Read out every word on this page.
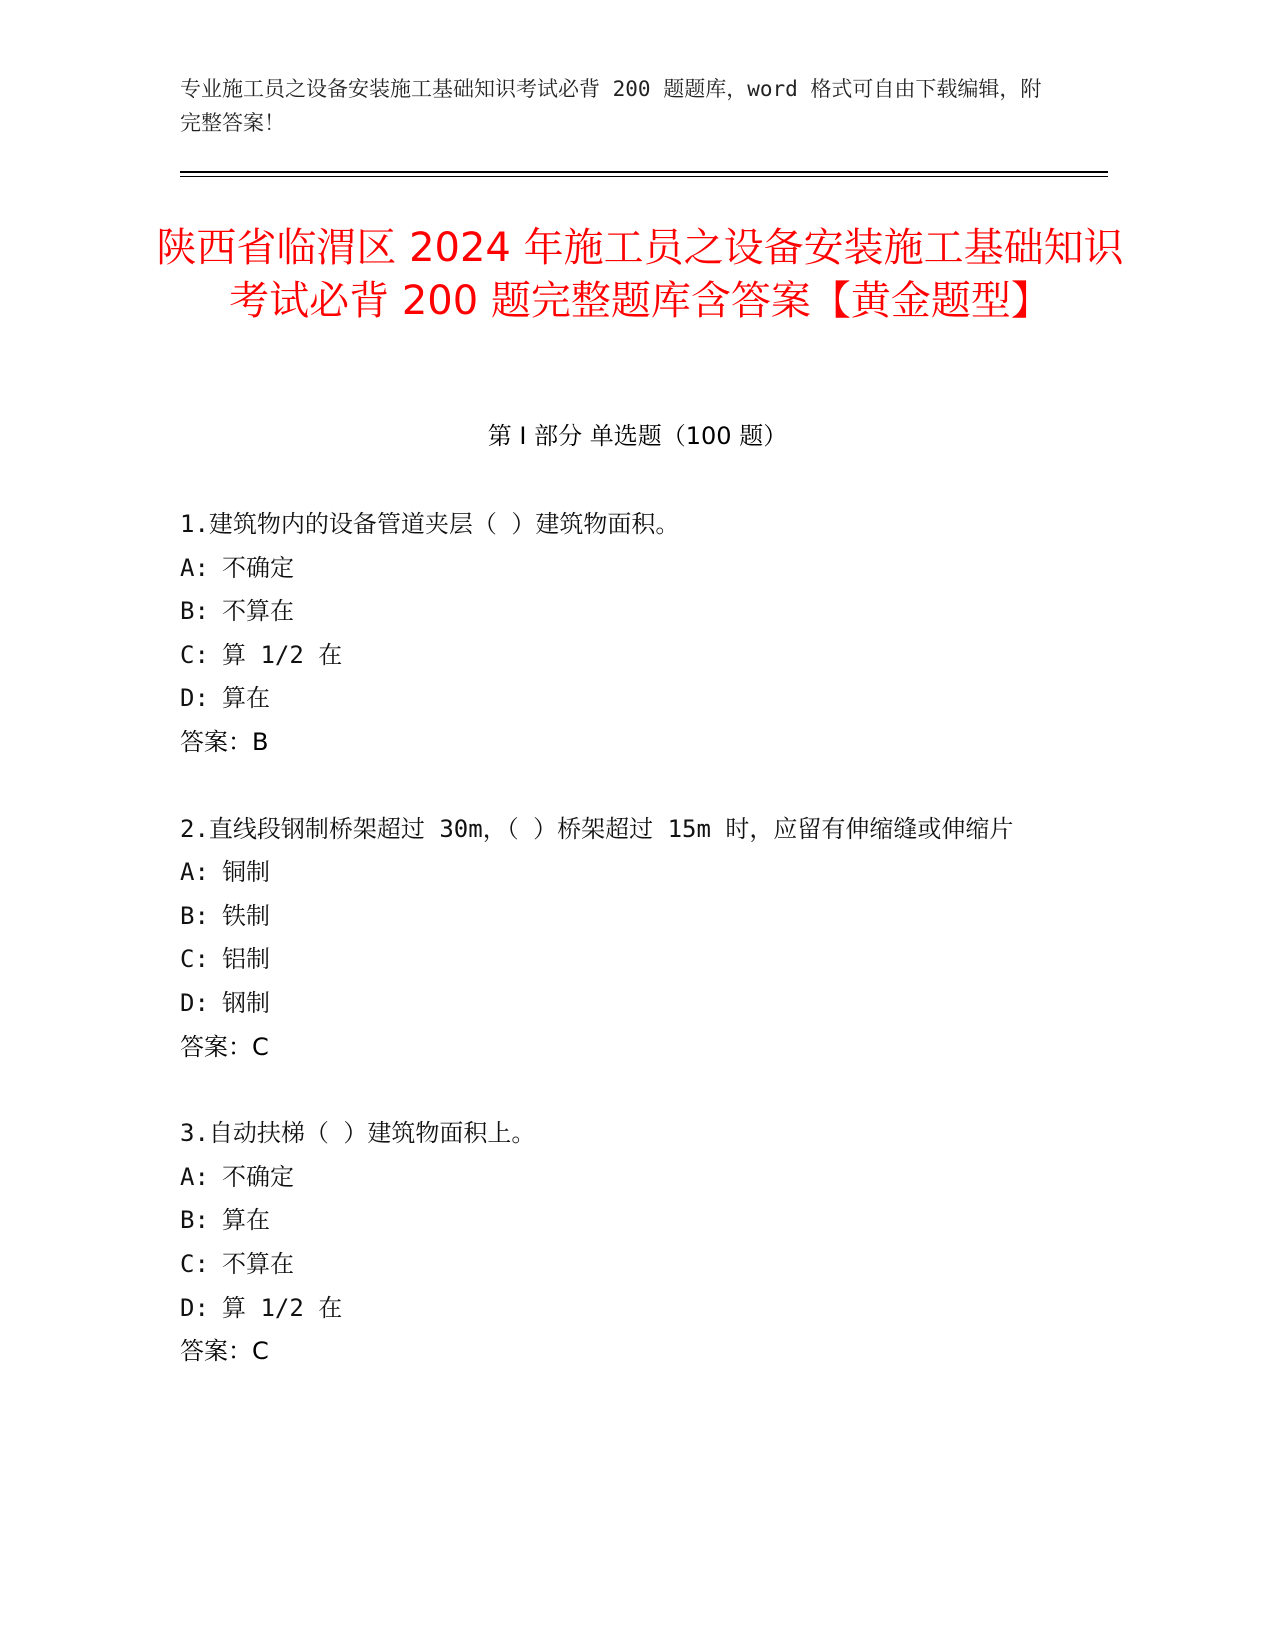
专业施工员之设备安装施工基础知识考试必背 200 题题库，word 格式可自由下载编辑，附完整答案！
陕西省临渭区 2024 年施工员之设备安装施工基础知识考试必背 200 题完整题库含答案【黄金题型】
第 I 部分 单选题（100 题）
1.建筑物内的设备管道夹层（ ）建筑物面积。
A: 不确定
B: 不算在
C: 算 1/2 在
D: 算在
答案：B
2.直线段钢制桥架超过 30m，（ ）桥架超过 15m 时，应留有伸缩缝或伸缩片
A: 铜制
B: 铁制
C: 铝制
D: 钢制
答案：C
3.自动扶梯（ ）建筑物面积上。
A: 不确定
B: 算在
C: 不算在
D: 算 1/2 在
答案：C
